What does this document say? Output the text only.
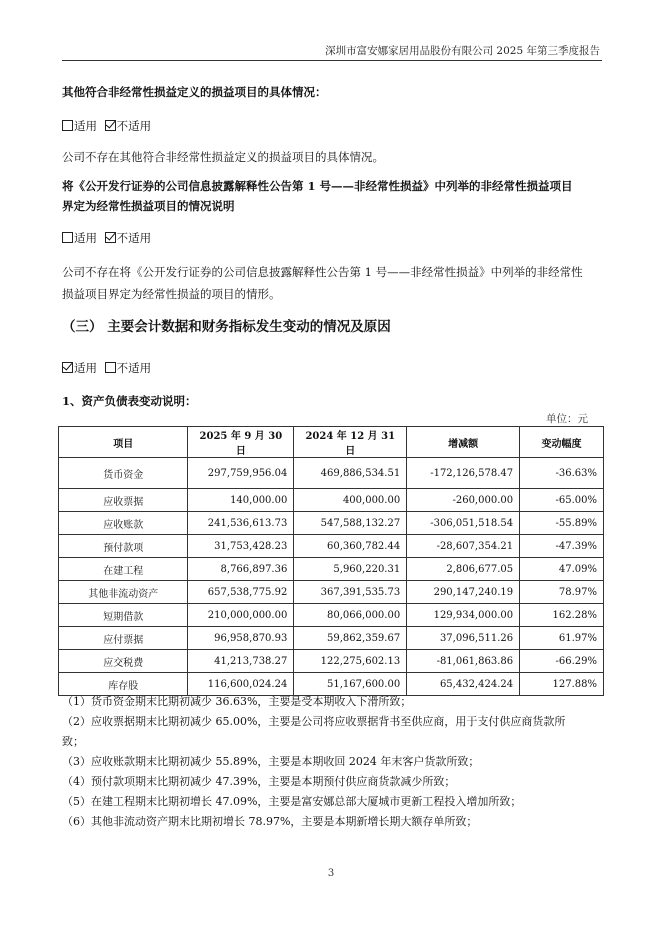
深圳市富安娜家居用品股份有限公司 2025 年第三季度报告
其他符合非经常性损益定义的损益项目的具体情况：
适用 不适用
公司不存在其他符合非经常性损益定义的损益项目的具体情况。
将《公开发行证券的公司信息披露解释性公告第 1 号——非经常性损益》中列举的非经常性损益项目
界定为经常性损益项目的情况说明
适用 不适用
公司不存在将《公开发行证券的公司信息披露解释性公告第 1 号——非经常性损益》中列举的非经常性
损益项目界定为经常性损益的项目的情形。
（三） 主要会计数据和财务指标发生变动的情况及原因
适用 不适用
1、资产负债表变动说明：
单位：元
项目	2025 年 9 月 30 日	2024 年 12 月 31 日	增减额	变动幅度
货币资金	297,759,956.04	469,886,534.51	-172,126,578.47	-36.63%
应收票据	140,000.00	400,000.00	-260,000.00	-65.00%
应收账款	241,536,613.73	547,588,132.27	-306,051,518.54	-55.89%
预付款项	31,753,428.23	60,360,782.44	-28,607,354.21	-47.39%
在建工程	8,766,897.36	5,960,220.31	2,806,677.05	47.09%
其他非流动资产	657,538,775.92	367,391,535.73	290,147,240.19	78.97%
短期借款	210,000,000.00	80,066,000.00	129,934,000.00	162.28%
应付票据	96,958,870.93	59,862,359.67	37,096,511.26	61.97%
应交税费	41,213,738.27	122,275,602.13	-81,061,863.86	-66.29%
库存股	116,600,024.24	51,167,600.00	65,432,424.24	127.88%

（1）货币资金期末比期初减少 36.63%，主要是受本期收入下滑所致；

（2）应收票据期末比期初减少 65.00%，主要是公司将应收票据背书至供应商，用于支付供应商货款所

致；

（3）应收账款期末比期初减少 55.89%，主要是本期收回 2024 年末客户货款所致；

（4）预付款项期末比期初减少 47.39%，主要是本期预付供应商货款减少所致；

（5）在建工程期末比期初增长 47.09%，主要是富安娜总部大厦城市更新工程投入增加所致；

（6）其他非流动资产期末比期初增长 78.97%，主要是本期新增长期大额存单所致；

3
